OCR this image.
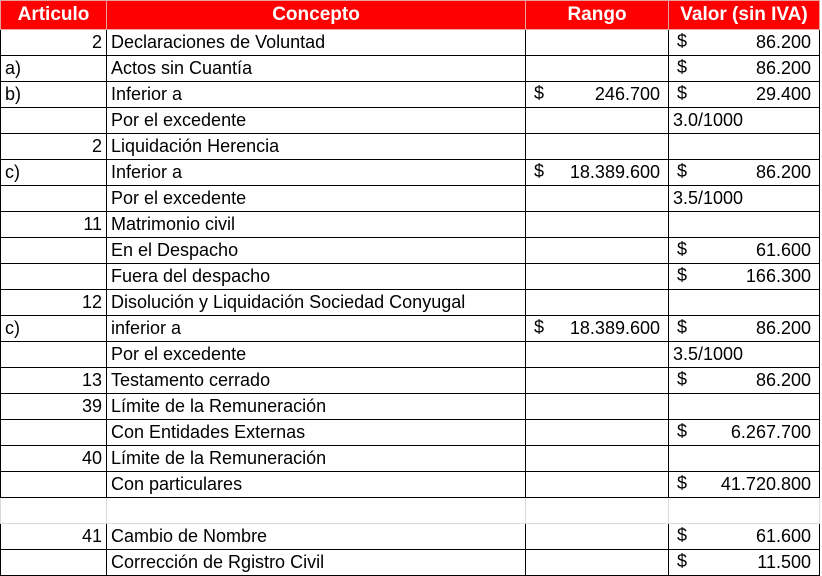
Articulo	Concepto	Rango	Valor (sin IVA)
2	Declaraciones de Voluntad		$ 86.200

a)	Actos sin Cuantía		$ 86.200

b)	Inferior a	$ 246.700	$ 29.400

	Por el excedente		3.0/1000
2	Liquidación Herencia		
c)	Inferior a	$ 18.389.600	$ 86.200

	Por el excedente		3.5/1000
11	Matrimonio civil		
	En el Despacho		$ 61.600

	Fuera del despacho		$ 166.300

12	Disolución y Liquidación Sociedad Conyugal		
c)	inferior a	$ 18.389.600	$ 86.200

	Por el excedente		3.5/1000
13	Testamento cerrado		$ 86.200

39	Límite de la Remuneración		
	Con Entidades Externas		$ 6.267.700

40	Límite de la Remuneración		
	Con particulares		$ 41.720.800

41	Cambio de Nombre		$ 61.600

	Corrección de Rgistro Civil		$ 11.500
